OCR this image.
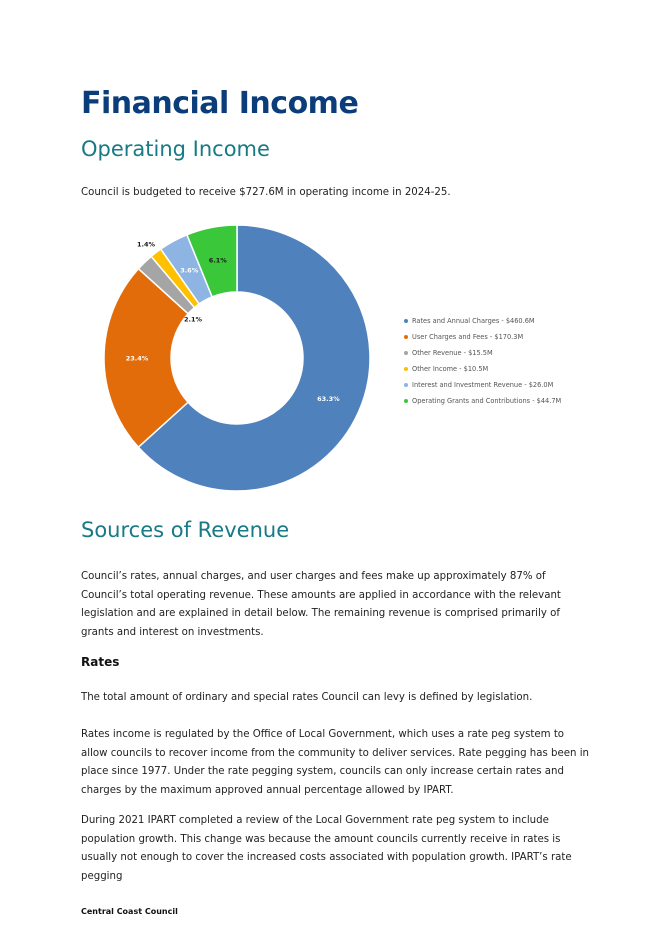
Financial Income
Operating Income

Council is budgeted to receive $727.6M in operating income in 2024-25.

63.3%
23.4%
2.1%
1.4%
3.6%
6.1%
Rates and Annual Charges - $460.6M
User Charges and Fees - $170.3M
Other Revenue - $15.5M
Other Income - $10.5M
Interest and Investment Revenue - $26.0M
Operating Grants and Contributions - $44.7M
Sources of Revenue

Council’s rates, annual charges, and user charges and fees make up approximately 87% of Council’s total operating revenue. These amounts are applied in accordance with the relevant legislation and are explained in detail below. The remaining revenue is comprised primarily of grants and interest on investments.

Rates

The total amount of ordinary and special rates Council can levy is defined by legislation.

Rates income is regulated by the Office of Local Government, which uses a rate peg system to allow councils to recover income from the community to deliver services. Rate pegging has been in place since 1977. Under the rate pegging system, councils can only increase certain rates and charges by the maximum approved annual percentage allowed by IPART.

During 2021 IPART completed a review of the Local Government rate peg system to include population growth. This change was because the amount councils currently receive in rates is usually not enough to cover the increased costs associated with population growth. IPART’s rate pegging

Central Coast Council
